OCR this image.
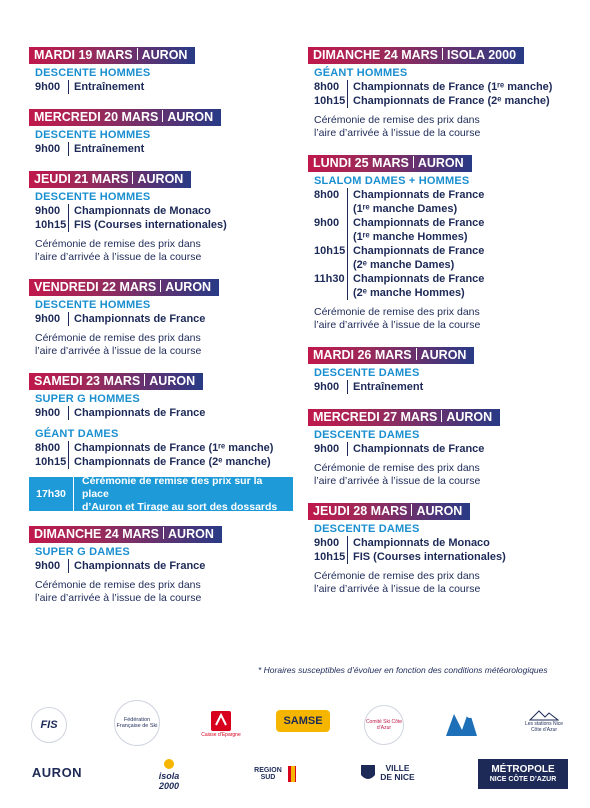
MARDI 19 MARS AURON
DESCENTE HOMMES
9h00	Entraînement
MERCREDI 20 MARS AURON
DESCENTE HOMMES
9h00	Entraînement
JEUDI 21 MARS AURON
DESCENTE HOMMES
9h00	Championnats de Monaco
10h15 FIS (Courses internationales)
Cérémonie de remise des prix dans
l’aire d’arrivée à l’issue de la course
VENDREDI 22 MARS AURON
DESCENTE HOMMES
9h00	Championnats de France
Cérémonie de remise des prix dans
l’aire d’arrivée à l’issue de la course
SAMEDI 23 MARS AURON
SUPER G HOMMES
9h00	Championnats de France
GÉANT DAMES
8h00	Championnats de France (1ʳᵉ manche)
10h15 Championnats de France (2ᵉ manche)
17h30
Cérémonie de remise des prix sur la place
d’Auron et Tirage au sort des dossards
DIMANCHE 24 MARS AURON
SUPER G DAMES
9h00	Championnats de France
Cérémonie de remise des prix dans
l’aire d’arrivée à l’issue de la course
DIMANCHE 24 MARS ISOLA 2000
GÉANT HOMMES
8h00	Championnats de France (1ʳᵉ manche)
10h15 Championnats de France (2ᵉ manche)
Cérémonie de remise des prix dans
l’aire d’arrivée à l’issue de la course
LUNDI 25 MARS AURON
SLALOM DAMES + HOMMES
8h00	Championnats de France
(1ʳᵉ manche Dames)
9h00	Championnats de France
(1ʳᵉ manche Hommes)
10h15 Championnats de France
(2ᵉ manche Dames)
11h30 Championnats de France
(2ᵉ manche Hommes)
Cérémonie de remise des prix dans
l’aire d’arrivée à l’issue de la course
MARDI 26 MARS AURON
DESCENTE DAMES
9h00	Entraînement
MERCREDI 27 MARS AURON
DESCENTE DAMES
9h00	Championnats de France
Cérémonie de remise des prix dans
l’aire d’arrivée à l’issue de la course
JEUDI 28 MARS AURON
DESCENTE DAMES
9h00	Championnats de Monaco
10h15 FIS (Courses internationales)
Cérémonie de remise des prix dans
l’aire d’arrivée à l’issue de la course
* Horaires susceptibles d’évoluer en fonction des conditions météorologiques
FIS	Fédération Française de Ski
Caisse d’Epargne
SAMSE	Comité Ski Côte d’Azur
Les stations Nice Côte d’Azur
AURON	isola 2000
REGION SUD
VILLE DE NICE
MÉTROPOLE
NICE CÔTE D’AZUR
